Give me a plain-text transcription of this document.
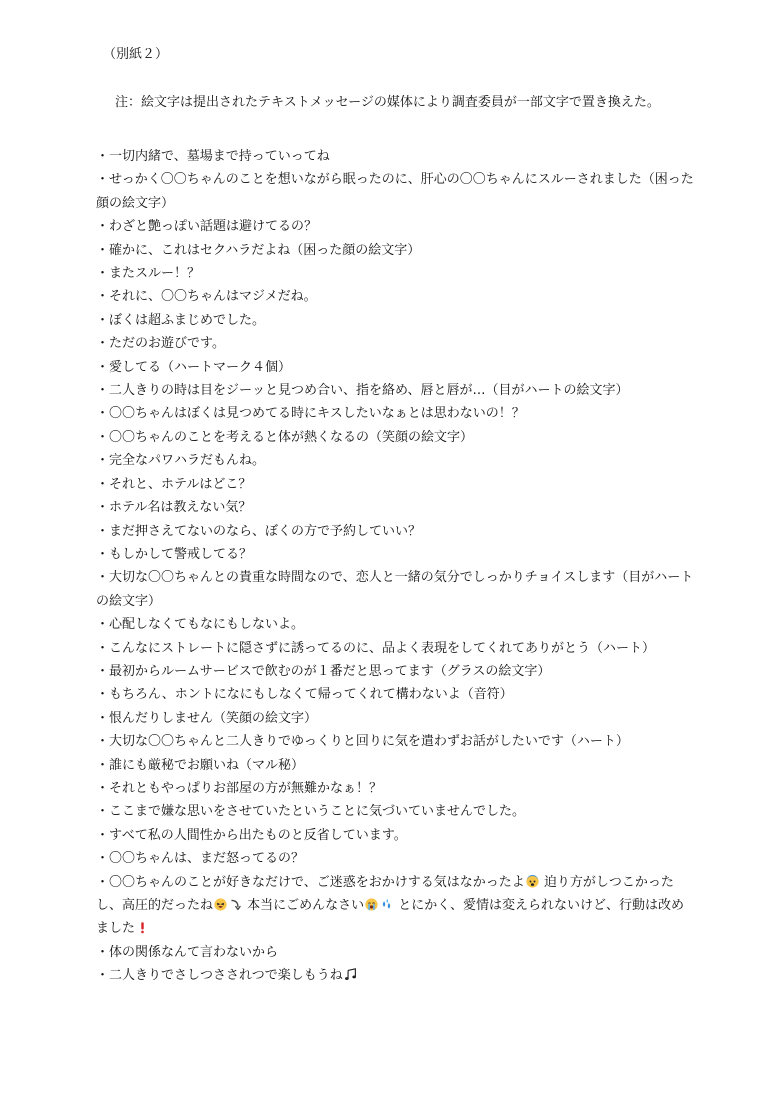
（別紙２）
注：絵文字は提出されたテキストメッセージの媒体により調査委員が一部文字で置き換えた。
・一切内緒で、墓場まで持っていってね
・せっかく〇〇ちゃんのことを想いながら眠ったのに、肝心の〇〇ちゃんにスルーされました（困った顔の絵文字）
・わざと艶っぽい話題は避けてるの？
・確かに、これはセクハラだよね（困った顔の絵文字）
・またスルー！？
・それに、〇〇ちゃんはマジメだね。
・ぼくは超ふまじめでした。
・ただのお遊びです。
・愛してる（ハートマーク４個）
・二人きりの時は目をジーッと見つめ合い、指を絡め、唇と唇が…（目がハートの絵文字）
・〇〇ちゃんはぼくは見つめてる時にキスしたいなぁとは思わないの！？
・〇〇ちゃんのことを考えると体が熱くなるの（笑顔の絵文字）
・完全なパワハラだもんね。
・それと、ホテルはどこ？
・ホテル名は教えない気？
・まだ押さえてないのなら、ぼくの方で予約していい？
・もしかして警戒してる？
・大切な〇〇ちゃんとの貴重な時間なので、恋人と一緒の気分でしっかりチョイスします（目がハートの絵文字）
・心配しなくてもなにもしないよ。
・こんなにストレートに隠さずに誘ってるのに、品よく表現をしてくれてありがとう（ハート）
・最初からルームサービスで飲むのが１番だと思ってます（グラスの絵文字）
・もちろん、ホントになにもしなくて帰ってくれて構わないよ（音符）
・恨んだりしません（笑顔の絵文字）
・大切な〇〇ちゃんと二人きりでゆっくりと回りに気を遣わずお話がしたいです（ハート）
・誰にも厳秘でお願いね（マル秘）
・それともやっぱりお部屋の方が無難かなぁ！？
・ここまで嫌な思いをさせていたということに気づいていませんでした。
・すべて私の人間性から出たものと反省しています。
・〇〇ちゃんは、まだ怒ってるの？
・〇〇ちゃんのことが好きなだけで、ご迷惑をおかけする気はなかったよ 迫り方がしつこかったし、高圧的だったね 本当にごめんなさい とにかく、愛情は変えられないけど、行動は改めました
・体の関係なんて言わないから
・二人きりでさしつさされつで楽しもうね
